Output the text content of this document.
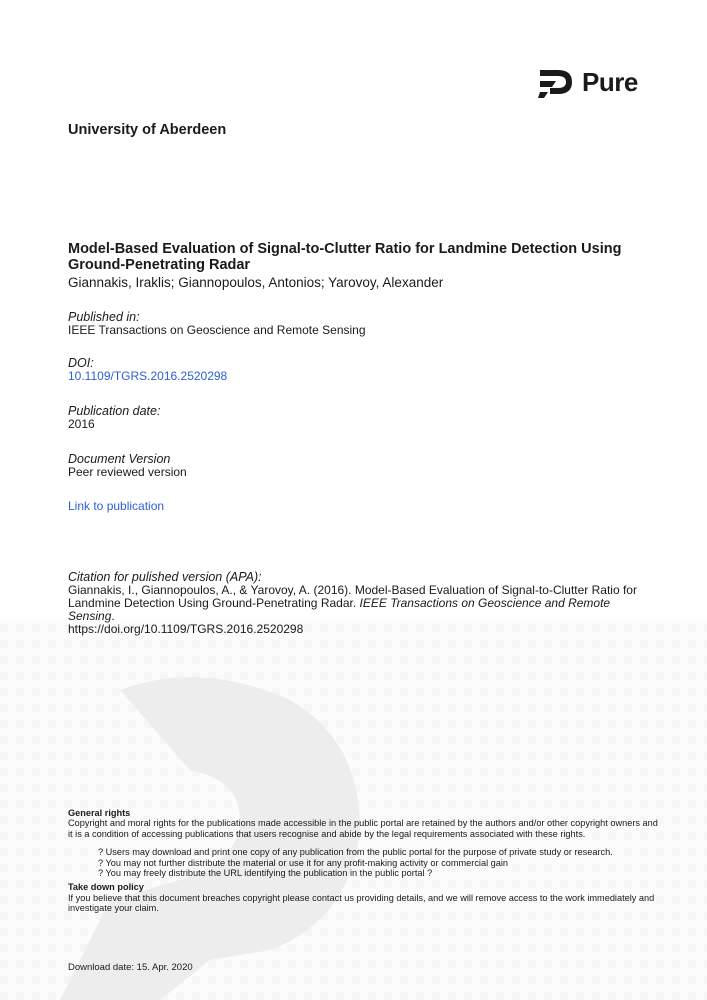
Pure
University of Aberdeen
Model-Based Evaluation of Signal-to-Clutter Ratio for Landmine Detection Using Ground-Penetrating Radar
Giannakis, Iraklis; Giannopoulos, Antonios; Yarovoy, Alexander
Published in:
IEEE Transactions on Geoscience and Remote Sensing
DOI:
10.1109/TGRS.2016.2520298
Publication date:
2016
Document Version
Peer reviewed version
Link to publication
Citation for pulished version (APA):
Giannakis, I., Giannopoulos, A., & Yarovoy, A. (2016). Model-Based Evaluation of Signal-to-Clutter Ratio for Landmine Detection Using Ground-Penetrating Radar. IEEE Transactions on Geoscience and Remote Sensing.
https://doi.org/10.1109/TGRS.2016.2520298
General rights
Copyright and moral rights for the publications made accessible in the public portal are retained by the authors and/or other copyright owners and it is a condition of accessing publications that users recognise and abide by the legal requirements associated with these rights.
? Users may download and print one copy of any publication from the public portal for the purpose of private study or research.
? You may not further distribute the material or use it for any profit-making activity or commercial gain
? You may freely distribute the URL identifying the publication in the public portal ?
Take down policy
If you believe that this document breaches copyright please contact us providing details, and we will remove access to the work immediately and investigate your claim.
Download date: 15. Apr. 2020
